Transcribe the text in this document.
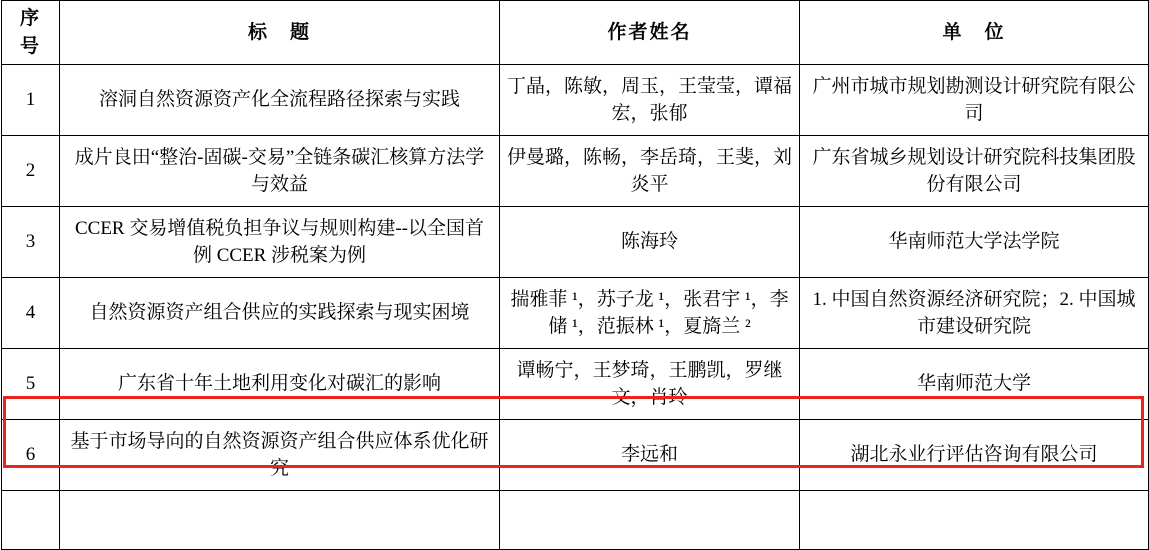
序　号	标　题	作者姓名	单　位
1	溶洞自然资源资产化全流程路径探索与实践	丁晶，陈敏，周玉，王莹莹，谭福宏，张郁	广州市城市规划勘测设计研究院有限公司
2	成片良田“整治-固碳-交易”全链条碳汇核算方法学与效益	伊曼璐，陈畅，李岳琦，王斐，刘炎平	广东省城乡规划设计研究院科技集团股份有限公司
3	CCER 交易增值税负担争议与规则构建--以全国首例 CCER 涉税案为例	陈海玲	华南师范大学法学院
4	自然资源资产组合供应的实践探索与现实困境	揣雅菲 ¹，苏子龙 ¹，张君宇 ¹，李储 ¹，范振林 ¹，夏旖兰 ²	1. 中国自然资源经济研究院；2. 中国城市建设研究院
5	广东省十年土地利用变化对碳汇的影响	谭畅宁，王梦琦，王鹏凯，罗继文，肖玲	华南师范大学
6	基于市场导向的自然资源资产组合供应体系优化研究	李远和	湖北永业行评估咨询有限公司
